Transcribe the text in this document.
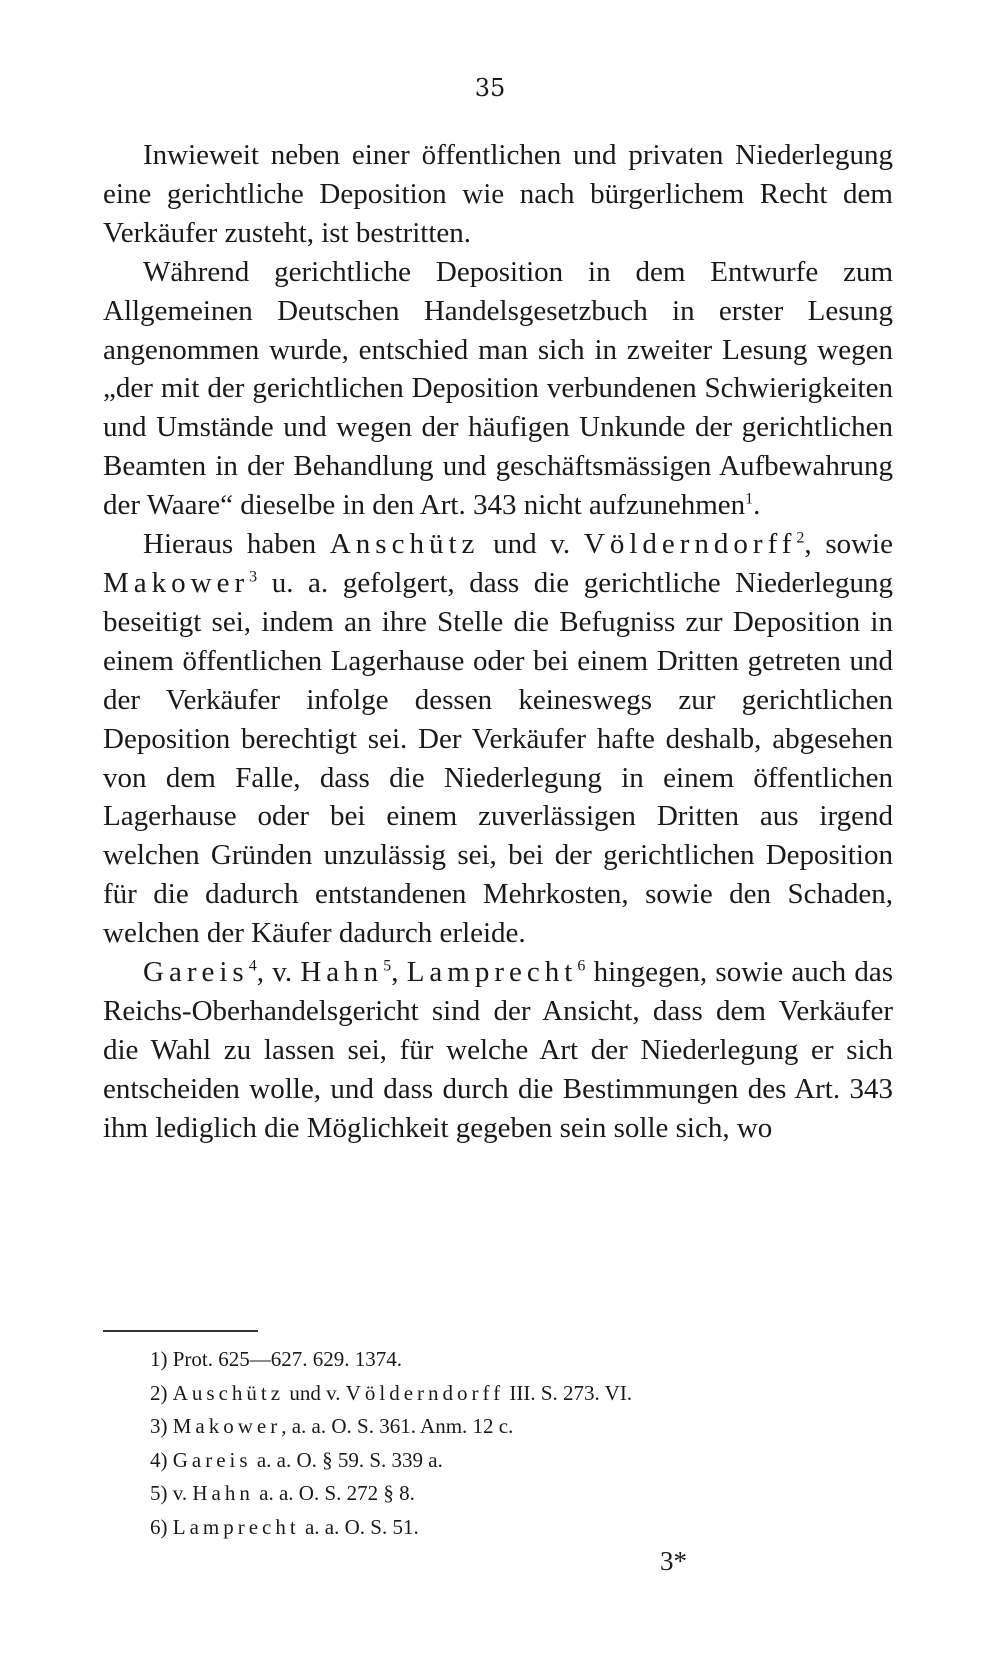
35

Inwieweit neben einer öffentlichen und privaten Niederlegung eine gerichtliche Deposition wie nach bürgerlichem Recht dem Verkäufer zusteht, ist bestritten.

Während gerichtliche Deposition in dem Entwurfe zum Allgemeinen Deutschen Handelsgesetzbuch in erster Lesung angenommen wurde, entschied man sich in zweiter Lesung wegen „der mit der gerichtlichen Deposition verbundenen Schwierigkeiten und Umstände und wegen der häufigen Unkunde der gerichtlichen Beamten in der Behandlung und geschäftsmässigen Aufbewahrung der Waare“ dieselbe in den Art. 343 nicht aufzunehmen$^1$.

Hieraus haben Anschütz und v. Völderndorff$^2$, sowie Makower$^3$ u. a. gefolgert, dass die gerichtliche Niederlegung beseitigt sei, indem an ihre Stelle die Befugniss zur Deposition in einem öffentlichen Lagerhause oder bei einem Dritten getreten und der Verkäufer infolge dessen keineswegs zur gerichtlichen Deposition berechtigt sei. Der Verkäufer hafte deshalb, abgesehen von dem Falle, dass die Niederlegung in einem öffentlichen Lagerhause oder bei einem zuverlässigen Dritten aus irgend welchen Gründen unzulässig sei, bei der gerichtlichen Deposition für die dadurch entstandenen Mehrkosten, sowie den Schaden, welchen der Käufer dadurch erleide.

Gareis$^4$, v. Hahn$^5$, Lamprecht$^6$ hingegen, sowie auch das Reichs-Oberhandelsgericht sind der Ansicht, dass dem Verkäufer die Wahl zu lassen sei, für welche Art der Niederlegung er sich entscheiden wolle, und dass durch die Bestimmungen des Art. 343 ihm lediglich die Möglichkeit gegeben sein solle sich, wo

1) Prot. 625—627. 629. 1374.
2) Auschütz und v. Völderndorff III. S. 273. VI.
3) Makower, a. a. O. S. 361. Anm. 12 c.
4) Gareis a. a. O. § 59. S. 339 a.
5) v. Hahn a. a. O. S. 272 § 8.
6) Lamprecht a. a. O. S. 51.
3*
